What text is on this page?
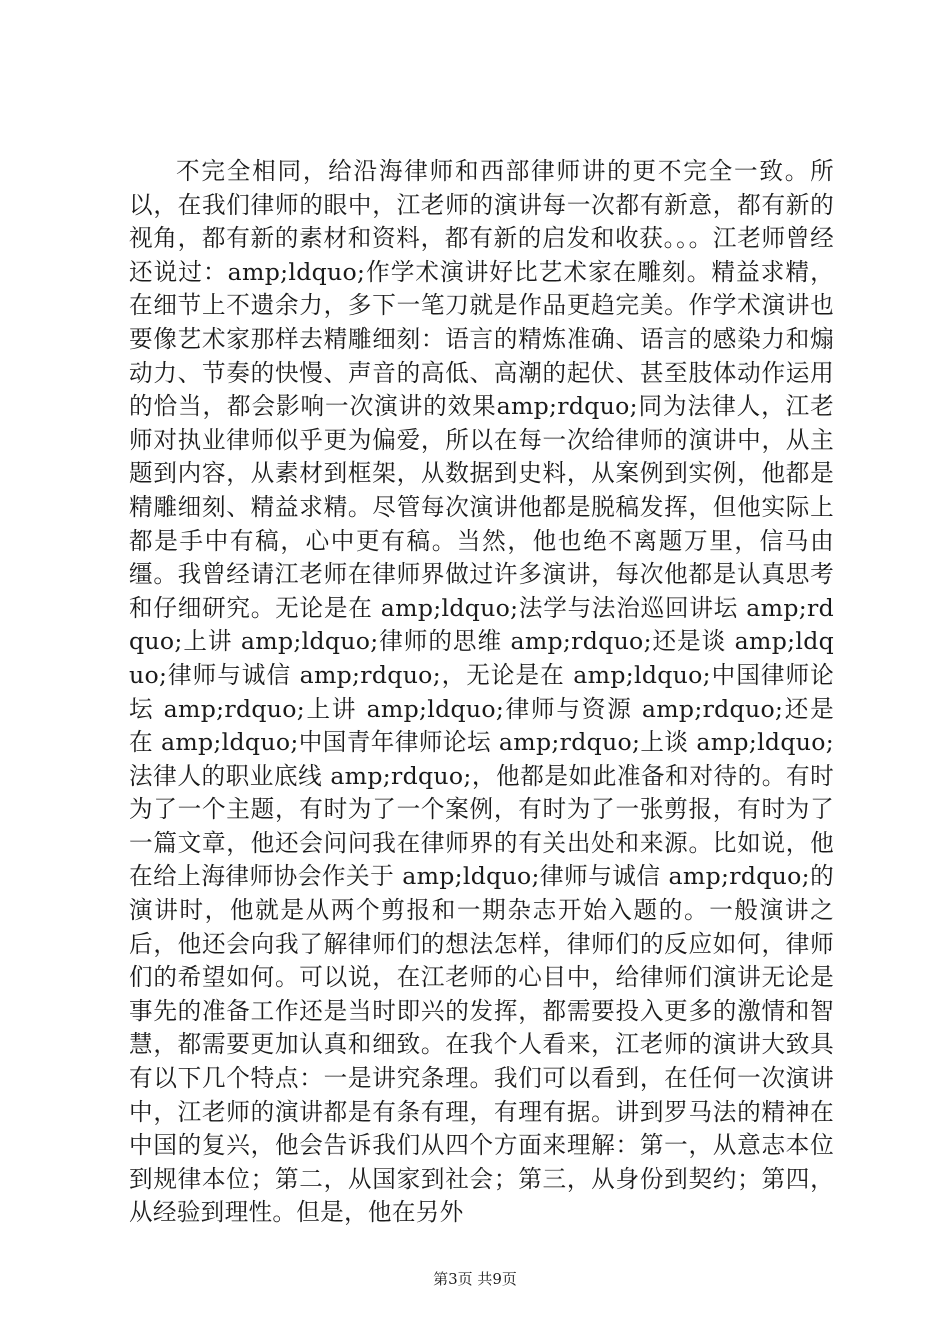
不完全相同，给沿海律师和西部律师讲的更不完全一致。所以，在我们律师的眼中，江老师的演讲每一次都有新意，都有新的视角，都有新的素材和资料，都有新的启发和收获。。。江老师曾经还说过：amp;ldquo;作学术演讲好比艺术家在雕刻。精益求精，在细节上不遗余力，多下一笔刀就是作品更趋完美。作学术演讲也要像艺术家那样去精雕细刻：语言的精炼准确、语言的感染力和煽动力、节奏的快慢、声音的高低、高潮的起伏、甚至肢体动作运用的恰当，都会影响一次演讲的效果amp;rdquo;同为法律人，江老师对执业律师似乎更为偏爱，所以在每一次给律师的演讲中，从主题到内容，从素材到框架，从数据到史料，从案例到实例，他都是精雕细刻、精益求精。尽管每次演讲他都是脱稿发挥，但他实际上都是手中有稿，心中更有稿。当然，他也绝不离题万里，信马由缰。我曾经请江老师在律师界做过许多演讲，每次他都是认真思考和仔细研究。无论是在 amp;ldquo;法学与法治巡回讲坛 amp;rdquo;上讲 amp;ldquo;律师的思维 amp;rdquo;还是谈 amp;ldquo;律师与诚信 amp;rdquo;，无论是在 amp;ldquo;中国律师论坛 amp;rdquo;上讲 amp;ldquo;律师与资源 amp;rdquo;还是在 amp;ldquo;中国青年律师论坛 amp;rdquo;上谈 amp;ldquo;法律人的职业底线 amp;rdquo;，他都是如此准备和对待的。有时为了一个主题，有时为了一个案例，有时为了一张剪报，有时为了一篇文章，他还会问问我在律师界的有关出处和来源。比如说，他在给上海律师协会作关于 amp;ldquo;律师与诚信 amp;rdquo;的演讲时，他就是从两个剪报和一期杂志开始入题的。一般演讲之后，他还会向我了解律师们的想法怎样，律师们的反应如何，律师们的希望如何。可以说，在江老师的心目中，给律师们演讲无论是事先的准备工作还是当时即兴的发挥，都需要投入更多的激情和智慧，都需要更加认真和细致。在我个人看来，江老师的演讲大致具有以下几个特点：一是讲究条理。我们可以看到，在任何一次演讲中，江老师的演讲都是有条有理，有理有据。讲到罗马法的精神在中国的复兴，他会告诉我们从四个方面来理解：第一，从意志本位到规律本位；第二，从国家到社会；第三，从身份到契约；第四，从经验到理性。但是，他在另外

第3页 共9页
